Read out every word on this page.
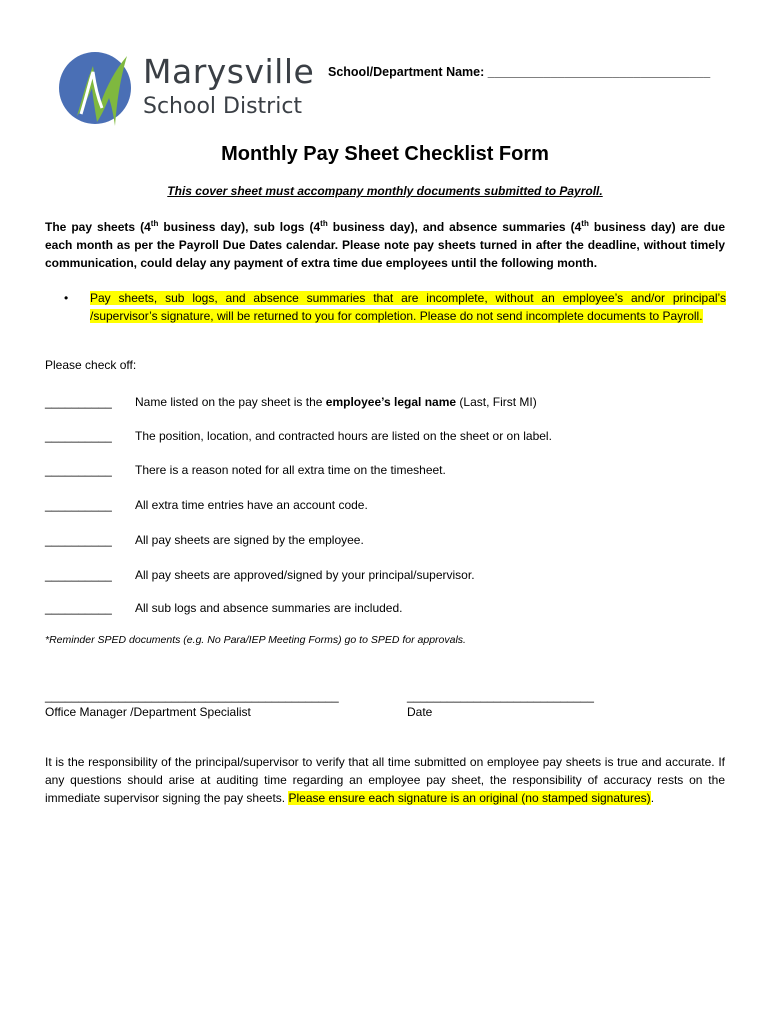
Marysville
School District
School/Department Name: ________________________________
Monthly Pay Sheet Checklist Form
This cover sheet must accompany monthly documents submitted to Payroll.
The pay sheets (4th business day), sub logs (4th business day), and absence summaries (4th business day) are due each month as per the Payroll Due Dates calendar. Please note pay sheets turned in after the deadline, without timely communication, could delay any payment of extra time due employees until the following month.
• Pay sheets, sub logs, and absence summaries that are incomplete, without an employee’s and/or principal’s /supervisor’s signature, will be returned to you for completion. Please do not send incomplete documents to Payroll.
Please check off:
__________ Name listed on the pay sheet is the employee’s legal name (Last, First MI)
__________ The position, location, and contracted hours are listed on the sheet or on label.
__________ There is a reason noted for all extra time on the timesheet.
__________ All extra time entries have an account code.
__________ All pay sheets are signed by the employee.
__________ All pay sheets are approved/signed by your principal/supervisor.
__________ All sub logs and absence summaries are included.
*Reminder SPED documents (e.g. No Para/IEP Meeting Forms) go to SPED for approvals.
____________________________________________
Office Manager /Department Specialist
____________________________
Date
It is the responsibility of the principal/supervisor to verify that all time submitted on employee pay sheets is true and accurate. If any questions should arise at auditing time regarding an employee pay sheet, the responsibility of accuracy rests on the immediate supervisor signing the pay sheets. Please ensure each signature is an original (no stamped signatures).
